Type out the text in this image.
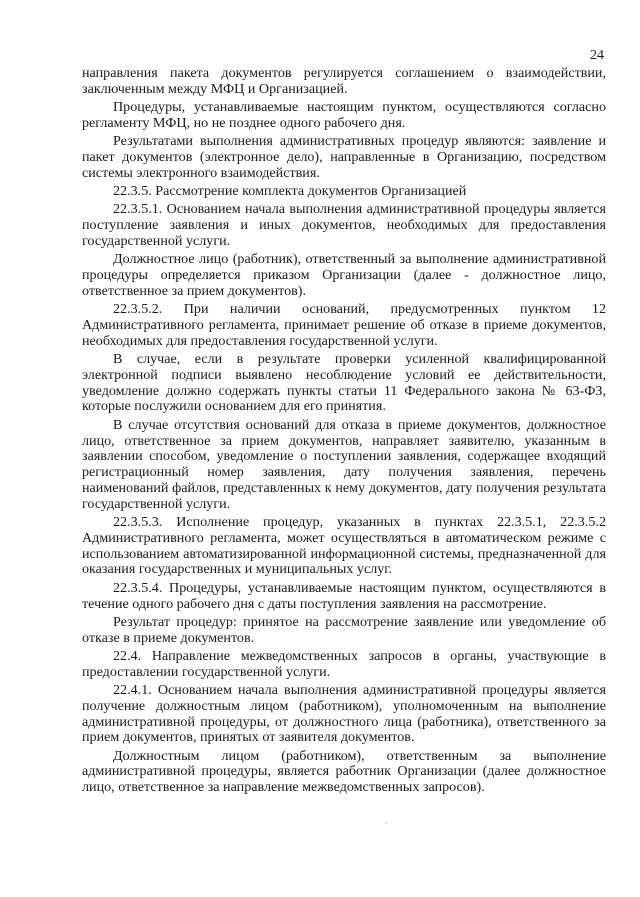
24

направления пакета документов регулируется соглашением о взаимодействии, заключенным между МФЦ и Организацией.

Процедуры, устанавливаемые настоящим пунктом, осуществляются согласно регламенту МФЦ, но не позднее одного рабочего дня.

Результатами выполнения административных процедур являются: заявление и пакет документов (электронное дело), направленные в Организацию, посредством системы электронного взаимодействия.

22.3.5. Рассмотрение комплекта документов Организацией

22.3.5.1. Основанием начала выполнения административной процедуры является поступление заявления и иных документов, необходимых для предоставления государственной услуги.

Должностное лицо (работник), ответственный за выполнение административной процедуры определяется приказом Организации (далее - должностное лицо, ответственное за прием документов).

22.3.5.2. При наличии оснований, предусмотренных пунктом 12 Административного регламента, принимает решение об отказе в приеме документов, необходимых для предоставления государственной услуги.

В случае, если в результате проверки усиленной квалифицированной электронной подписи выявлено несоблюдение условий ее действительности, уведомление должно содержать пункты статьи 11 Федерального закона № 63-ФЗ, которые послужили основанием для его принятия.

В случае отсутствия оснований для отказа в приеме документов, должностное лицо, ответственное за прием документов, направляет заявителю, указанным в заявлении способом, уведомление о поступлении заявления, содержащее входящий регистрационный номер заявления, дату получения заявления, перечень наименований файлов, представленных к нему документов, дату получения результата государственной услуги.

22.3.5.3. Исполнение процедур, указанных в пунктах 22.3.5.1, 22.3.5.2 Административного регламента, может осуществляться в автоматическом режиме с использованием автоматизированной информационной системы, предназначенной для оказания государственных и муниципальных услуг.

22.3.5.4. Процедуры, устанавливаемые настоящим пунктом, осуществляются в течение одного рабочего дня с даты поступления заявления на рассмотрение.

Результат процедур: принятое на рассмотрение заявление или уведомление об отказе в приеме документов.

22.4. Направление межведомственных запросов в органы, участвующие в предоставлении государственной услуги.

22.4.1. Основанием начала выполнения административной процедуры является получение должностным лицом (работником), уполномоченным на выполнение административной процедуры, от должностного лица (работника), ответственного за прием документов, принятых от заявителя документов.

Должностным лицом (работником), ответственным за выполнение административной процедуры, является работник Организации (далее должностное лицо, ответственное за направление межведомственных запросов).
